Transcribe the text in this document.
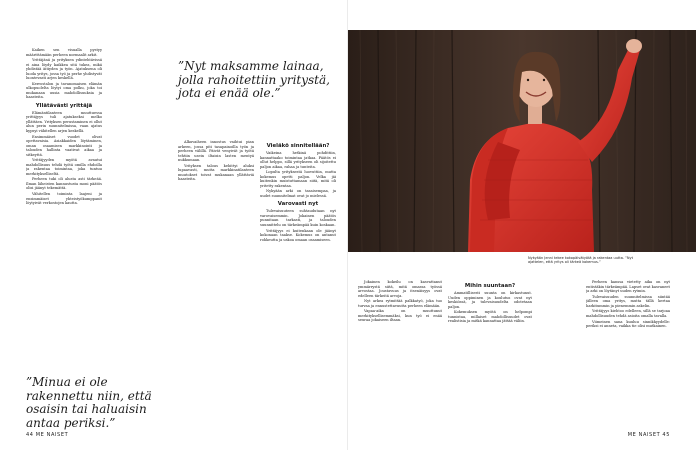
Kaiken sen visualla pystyy määrittämään perheen normaalit arkit.

Yrittäjänä ja yrityksen ydintehtävissä ei aina löydy kaikkea sitä tukea, mikä yhdistää äitiyden ja työn. Ajatuksena oli luoda yritys, jossa työ ja perhe yhdistyvät luontevasti arjen keskellä.

Kerrostalon ja tavanomaisen elämän ulkopuolelta löytyi oma polku, joka toi mukanaan uusia mahdollisuuksia ja haasteita.

Yllätävästi yrittäjä

Elämäntilanteen muuttuessa yrittäjyys tuli ajatukseksi melko yllättäen. Yrityksen perustaminen ei ollut alun perin suunnitelmissa, vaan ajatus kypsyi vähitellen arjen keskellä.

Ensimmäiset vuodet olivat opettavaisia. Asiakkaiden löytäminen, oman osaamisen markkinointi ja talouden hallinta vaativat aikaa ja sitkeyttä.

Yrittäjyyden myötä avautui mahdollisuus tehdä työtä omilla ehdoilla ja rakentaa toimintaa, joka tuntuu merkitykselliseltä.

Perheen tuki oli alusta asti tärkeää. Ilman läheisten kannustusta moni päätös olisi jäänyt tekemättä.

Vähitellen toiminta laajeni ja ensimmäiset yhteistyökumppanit löytyivät verkostojen kautta.

”Minua ei ole rakennettu niin, että osaisin tai haluaisin antaa periksi.”
”Nyt maksamme lainaa, jolla rahoitettiin yritystä, jota ei enää ole.”

Alkuvaiheen innostus vaihtui pian arkeen, jossa piti tasapainoilla työn ja perheen välillä. Päivät venyivät ja työtä tehtiin usein iltaisin lasten mentyä nukkumaan.

Yrityksen talous kehittyi aluksi lupaavasti, mutta markkinatilanteen muutokset toivat mukanaan yllättäviä haasteita.

Vieläkö sinnitellään?

Vaikeina hetkinä pohdittiin, kannattaako toimintaa jatkaa. Päätös ei ollut helppo, sillä yritykseen oli sijoitettu paljon aikaa, rahaa ja tunteita.

Lopulta yrityksestä luovuttiin, mutta kokemus opetti paljon. Velka jäi kuitenkin muistuttamaan siitä, mitä oli yritetty rakentaa.

Nykyään arki on tasaisempaa, ja uudet suunnitelmat ovat jo mielessä.

Varovasti nyt

Tulevaisuuteen suhtaudutaan nyt varovaisemmin. Jokainen päätös punnitaan tarkasti, ja talouden suunnittelu on tärkeämpää kuin koskaan.

Yrittäjyys ei kuitenkaan ole jäänyt kokonaan taakse. Kokemus on antanut rohkeutta ja uskoa omaan osaamiseen.

44 ME NAISET
Nykyään Jenni tekee kokopäivätyötä ja rakentaa uutta. ”Nyt ajattelen, että yritys oli tärkeä kokemus.”

Jokainen kokeilu on kasvattanut ymmärrystä siitä, mitä omassa työssä arvostaa. Joustavuus ja itsenäisyys ovat edelleen tärkeitä arvoja.

Nyt arkea rytmittää palkkatyö, joka tuo turvaa ja ennustettavuutta perheen elämään.

Vapaa-aika on muuttunut merkityksellisemmäksi, kun työ ei enää seuraa jokaiseen iltaan.

Mihin suuntaan?

Ammatillisesti suunta on kirkastunut. Uuden oppiminen ja koulutus ovat nyt keskiössä, ja tulevaisuudelta odotetaan paljon.

Kokemuksen myötä on helpompi tunnistaa, millaiset mahdollisuudet ovat realistisia ja mitkä kannattaa jättää väliin.

Perheen kanssa vietetty aika on nyt entistäkin tärkeämpää. Lapset ovat kasvaneet ja arki on löytänyt uuden rytmin.

Tulevaisuuden suunnitelmissa siintää jälleen oma yritys, mutta tällä kertaa harkitummin ja pienemmin askelin.

Yrittäjyys kiehtoo edelleen, sillä se tarjoaa mahdollisuuden tehdä asioita omalla tavalla.

Viimeinen sana kuuluu sinnikkyydelle: periksi ei anneta, vaikka tie olisi mutkainen.

ME NAISET 45
